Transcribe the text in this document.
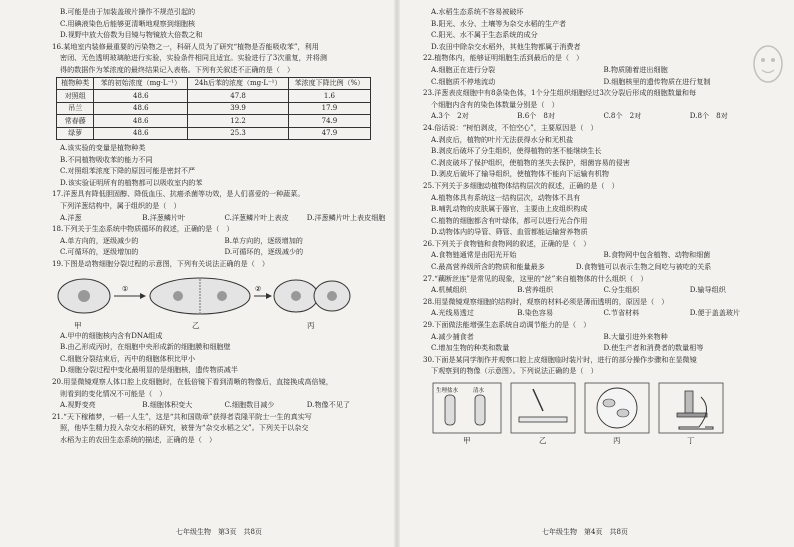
B.可能是由于加装盖玻片操作不规范引起的
C.用碘液染色后能够更清晰地观察到细胞核
D.视野中放大倍数为目镜与物镜放大倍数之和
16.某地室内装修最重要的污染物之一，科研人员为了研究“植物是否能吸收苯”，利用
密闭、无色透明玻璃舱进行实验，实验条件相同且适宜。实验进行了3次重复，并将测
得的数据作为苯浓度的最终结果记入表格。下列有关叙述不正确的是（　）
植物种类	苯的初始浓度（mg·L⁻¹）	24h后苯的浓度（mg·L⁻¹）	苯浓度下降比例（%）
对照组	48.6	47.8	1.6
吊兰	48.6	39.9	17.9
常春藤	48.6	12.2	74.9
绿萝	48.6	25.3	47.9
A.该实验的变量是植物种类
B.不同植物吸收苯的能力不同
C.对照组苯浓度下降的原因可能是密封不严
D.该实验证明所有的植物都可以吸收室内的苯
17.洋葱具有降低胆固醇、降低血压、抗癌杀菌等功效，是人们喜爱的一种蔬菜。
下列洋葱结构中，属于组织的是（　）
A.洋葱	B.洋葱鳞片叶	C.洋葱鳞片叶上表皮	D.洋葱鳞片叶上表皮细胞
18.下列关于生态系统中物质循环的叙述，正确的是（　）
A.单方向的，逐级减少的	B.单方向的，逐级增加的
C.可循环的，逐级增加的	D.可循环的，逐级减少的
19.下图是动物细胞分裂过程的示意图，下列有关说法正确的是（　）
①	②
甲	乙	丙
A.甲中的细胞核内含有DNA组成
B.由乙形成丙时，在细胞中央形成新的细胞膜和细胞壁
C.细胞分裂结束后，丙中的细胞体积比甲小
D.细胞分裂过程中变化最明显的是细胞核，遗传物质减半
20.用显微镜观察人体口腔上皮细胞时，在低倍镜下看到清晰的物像后，直接换成高倍镜，
则看到的变化情况不可能是（　）
A.视野变亮	B.细胞体积变大	C.细胞数目减少	D.物像不见了
21.“天下稼穑梦，一稻一人生”，这是“共和国勋章”获得者袁隆平院士一生的真实写
照，他毕生精力投入杂交水稻的研究，被誉为“杂交水稻之父”。下列关于以杂交
水稻为主的农田生态系统的描述，正确的是（　）
七年级生物　第3页　共8页
A.水稻生态系统不容易被破坏
B.阳光、水分、土壤等为杂交水稻的生产者
C.阳光、水不属于生态系统的成分
D.农田中除杂交水稻外，其他生物都属于消费者
22.植物体内，能够证明细胞生活到最后的是（　）
A.细胞正在进行分裂	B.物质随着进出细胞
C.细胞质不停地流动	D.细胞核里的遗传物质在进行复制
23.洋葱表皮细胞中有8条染色体，1个分生组织细胞经过3次分裂后形成的细胞数量和每
个细胞内含有的染色体数量分别是（　）
A.3个　2对	B.6个　8对	C.8个　2对	D.8个　8对
24.俗话说：“树怕剥皮，不怕空心”，主要原因是（　）
A.剥皮后，植物的叶片无法获得水分和无机盐
B.剥皮后破坏了分生组织，使得植物的茎不能继续生长
C.剥皮破坏了保护组织，使植物的茎失去保护，细菌容易的侵害
D.剥皮后破坏了输导组织，使植物体不能向下运输有机物
25.下列关于多细胞动植物体结构层次的叙述，正确的是（　）
A.植物体具有系统这一结构层次，动物体不具有
B.哺乳动物的皮肤属于器官，主要由上皮组织构成
C.植物的细胞都含有叶绿体，都可以进行光合作用
D.动物体内的导管、筛管、血管都能运输营养物质
26.下列关于食物链和食物网的叙述，正确的是（　）
A.食物链通常是由阳光开始	B.食物网中包含植物、动物和细菌
C.最高营养级所含的物质和能量最多	D.食物链可以表示生物之间吃与被吃的关系
27.“藕断丝连”是常见的现象，这里的“丝”来自植物体的什么组织（　）
A.机械组织	B.营养组织	C.分生组织	D.输导组织
28.用显微镜观察细胞的结构时，观察的材料必须是薄而透明的，原因是（　）
A.光线易透过	B.染色容易	C.节省材料	D.便于盖盖玻片
29.下面做法能增强生态系统自动调节能力的是（　）
A.减少捕食者	B.大量引进外来物种
C.增加生物的种类和数量	D.使生产者和消费者的数量相等
30.下面是某同学制作并观察口腔上皮细胞临时装片时，进行的部分操作步骤和在显微镜
下观察到的物像（示意图）。下列说法正确的是（　）
生理盐水	清水
甲	乙	丙	丁
七年级生物　第4页　共8页
